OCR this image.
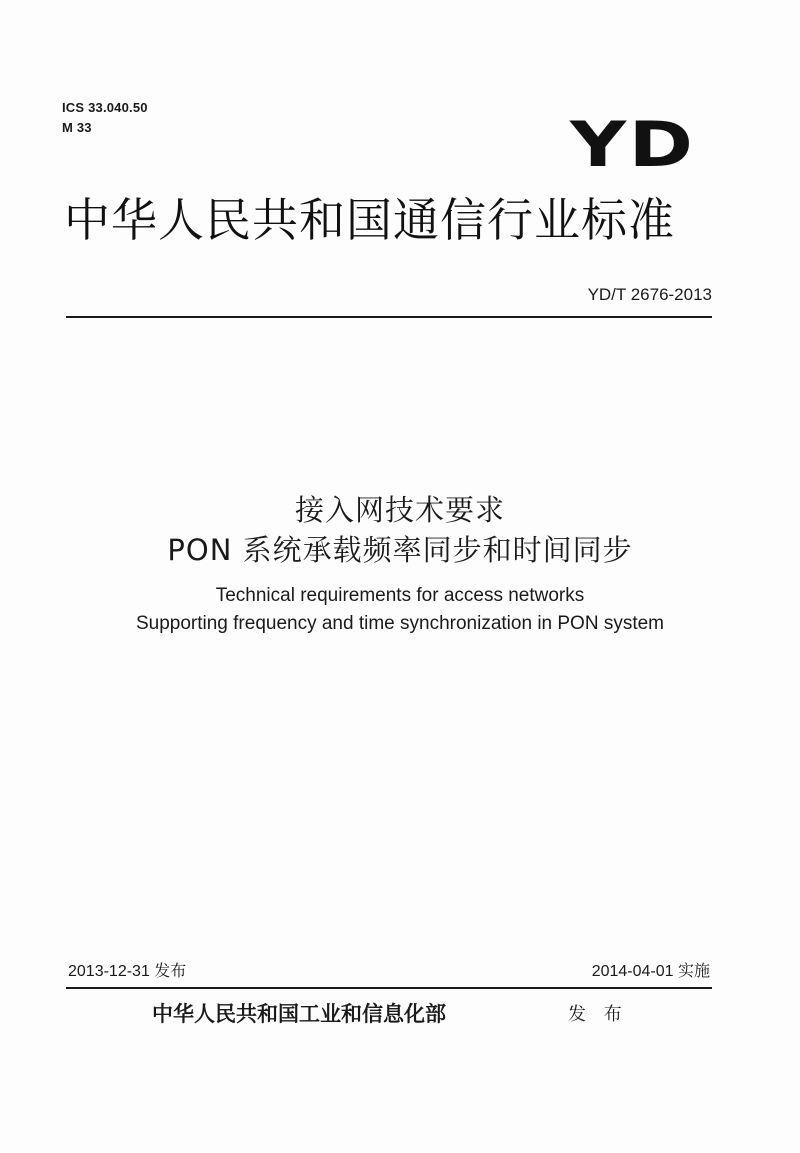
ICS 33.040.50
M 33	YD
中华人民共和国通信行业标准
YD/T 2676-2013

接入网技术要求

PON 系统承载频率同步和时间同步

Technical requirements for access networks

Supporting frequency and time synchronization in PON system

2013-12-31 发布	2014-04-01 实施
中华人民共和国工业和信息化部	发 布
